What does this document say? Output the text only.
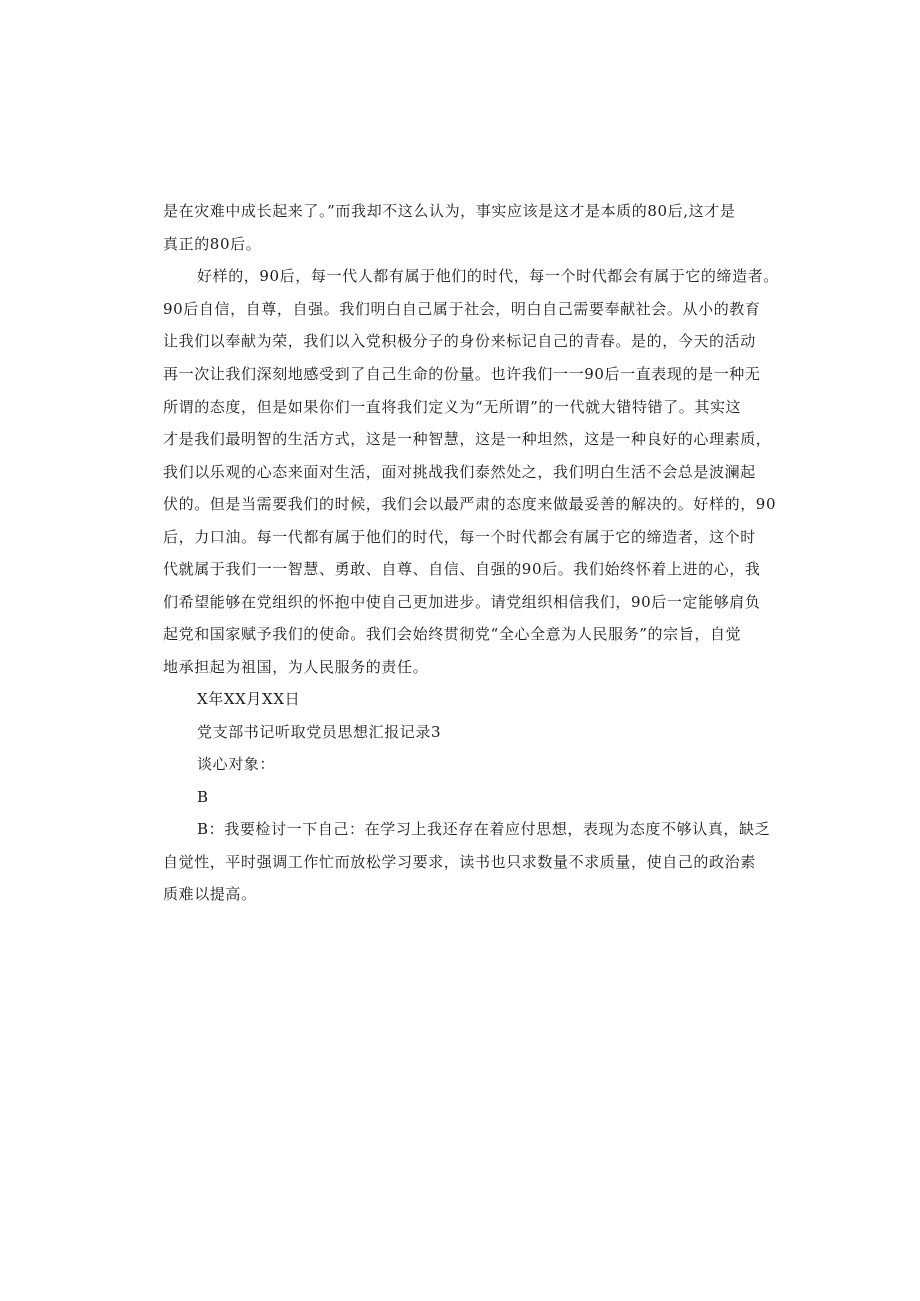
是在灾难中成长起来了。”而我却不这么认为，事实应该是这才是本质的80后,这才是
真正的80后。
好样的，90后，每一代人都有属于他们的时代，每一个时代都会有属于它的缔造者。
90后自信，自尊，自强。我们明白自己属于社会，明白自己需要奉献社会。从小的教育
让我们以奉献为荣，我们以入党积极分子的身份来标记自己的青春。是的，今天的活动
再一次让我们深刻地感受到了自己生命的份量。也许我们一一90后一直表现的是一种无
所谓的态度，但是如果你们一直将我们定义为“无所谓”的一代就大错特错了。其实这
才是我们最明智的生活方式，这是一种智慧，这是一种坦然，这是一种良好的心理素质，
我们以乐观的心态来面对生活，面对挑战我们泰然处之，我们明白生活不会总是波澜起
伏的。但是当需要我们的时候，我们会以最严肃的态度来做最妥善的解决的。好样的，90
后，力口油。每一代都有属于他们的时代，每一个时代都会有属于它的缔造者，这个时
代就属于我们一一智慧、勇敢、自尊、自信、自强的90后。我们始终怀着上进的心，我
们希望能够在党组织的怀抱中使自己更加进步。请党组织相信我们，90后一定能够肩负
起党和国家赋予我们的使命。我们会始终贯彻党“全心全意为人民服务”的宗旨，自觉
地承担起为祖国，为人民服务的责任。
X年XX月XX日
党支部书记听取党员思想汇报记录3
谈心对象：
B
B：我要检讨一下自己：在学习上我还存在着应付思想，表现为态度不够认真，缺乏
自觉性，平时强调工作忙而放松学习要求，读书也只求数量不求质量，使自己的政治素
质难以提高。
